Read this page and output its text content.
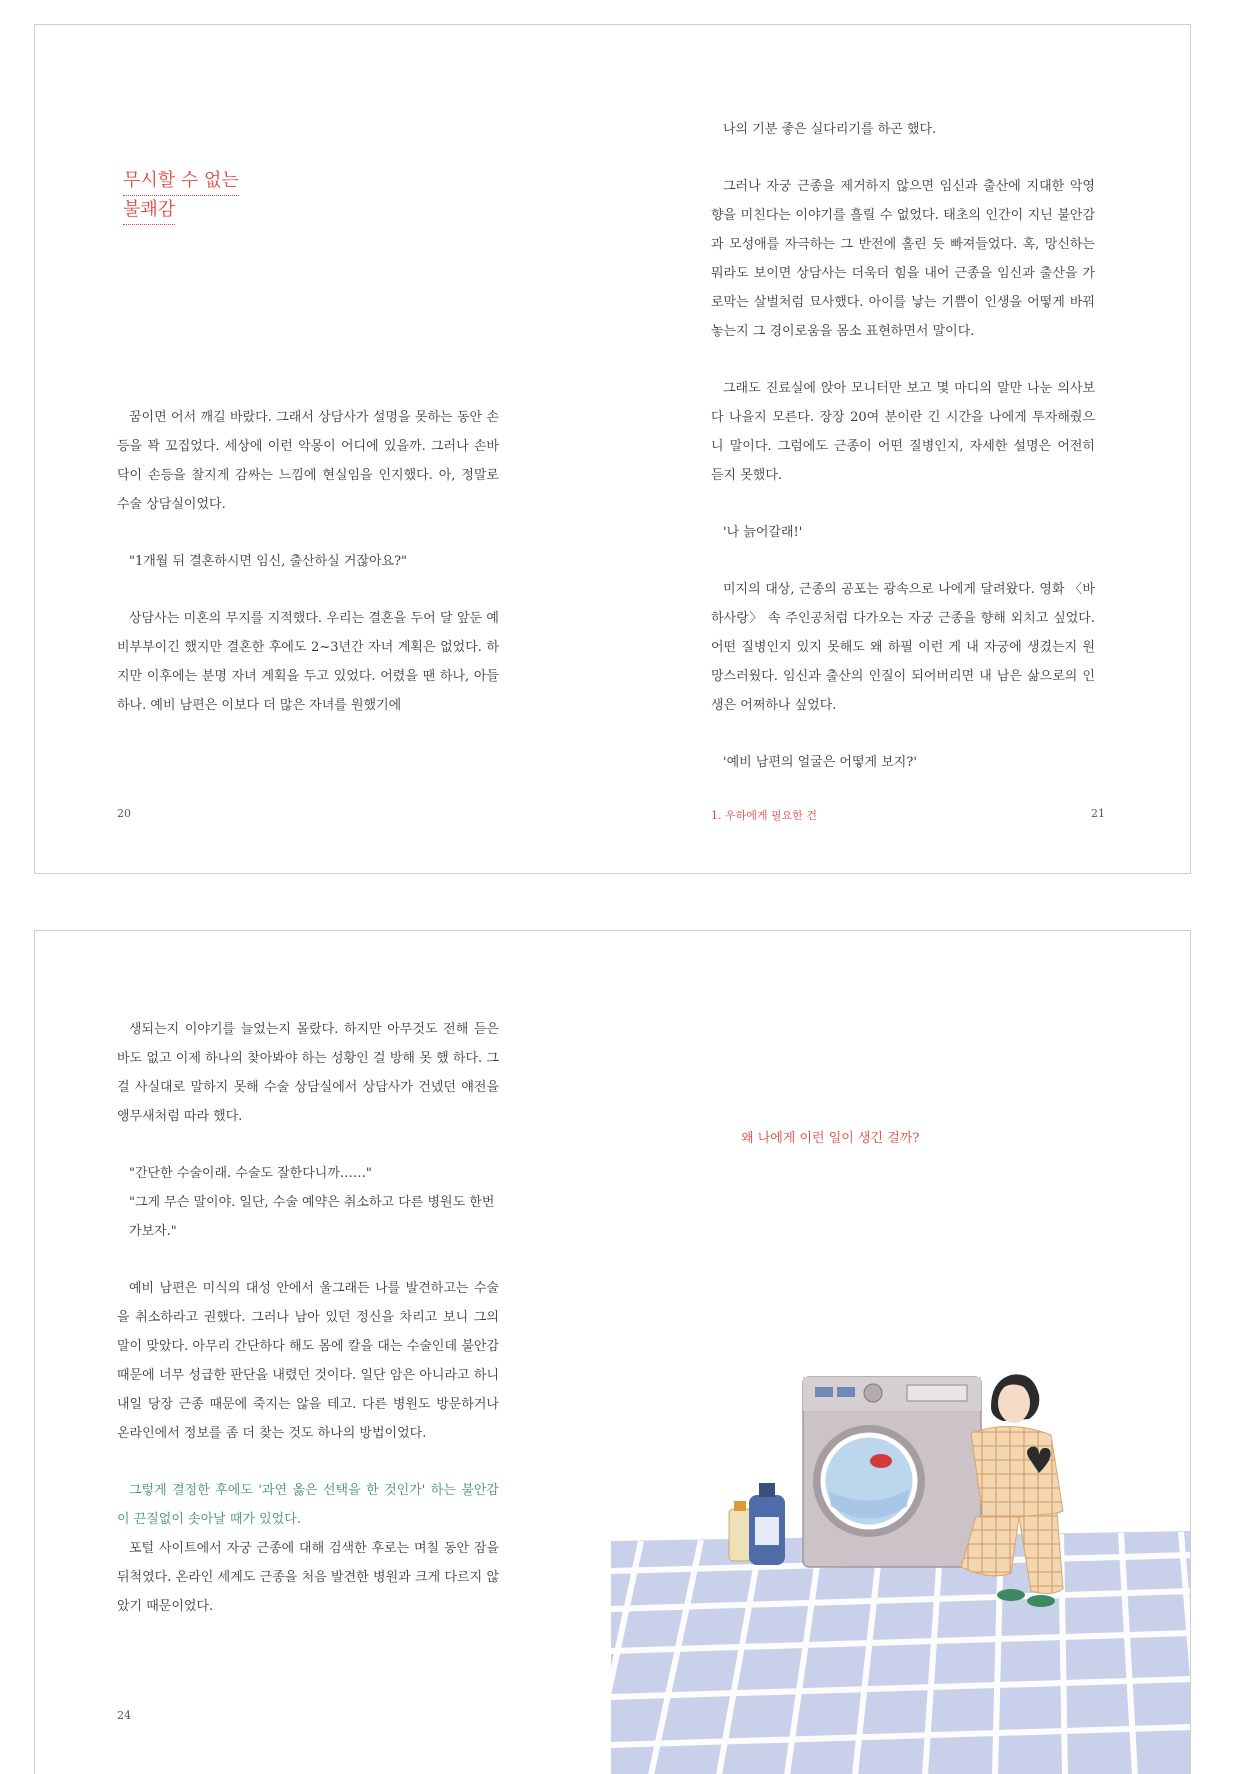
무시할 수 없는
불쾌감

꿈이면 어서 깨길 바랐다. 그래서 상담사가 설명을 못하는 동안 손등을 꽉 꼬집었다. 세상에 이런 악몽이 어디에 있을까. 그러나 손바닥이 손등을 찰지게 감싸는 느낌에 현실임을 인지했다. 아, 정말로 수술 상담실이었다.

"1개월 뒤 결혼하시면 임신, 출산하실 거잖아요?"

상담사는 미혼의 무지를 지적했다. 우리는 결혼을 두어 달 앞둔 예비부부이긴 했지만 결혼한 후에도 2~3년간 자녀 계획은 없었다. 하지만 이후에는 분명 자녀 계획을 두고 있었다. 어렸을 땐 하나, 아들 하나. 예비 남편은 이보다 더 많은 자녀를 원했기에

나의 기분 좋은 실다리기를 하곤 했다.

그러나 자궁 근종을 제거하지 않으면 임신과 출산에 지대한 악영향을 미친다는 이야기를 흘릴 수 없었다. 태초의 인간이 지닌 불안감과 모성애를 자극하는 그 반전에 홀린 듯 빠져들었다. 혹, 망신하는 뭐라도 보이면 상담사는 더욱더 힘을 내어 근종을 임신과 출산을 가로막는 살벌처럼 묘사했다. 아이를 낳는 기쁨이 인생을 어떻게 바꿔놓는지 그 경이로움을 몸소 표현하면서 말이다.

그래도 진료실에 앉아 모니터만 보고 몇 마디의 말만 나눈 의사보다 나을지 모른다. 장장 20여 분이란 긴 시간을 나에게 투자해줬으니 말이다. 그럼에도 근종이 어떤 질병인지, 자세한 설명은 어전히 듣지 못했다.

'나 늙어갈래!'

미지의 대상, 근종의 공포는 광속으로 나에게 달려왔다. 영화 〈바하사랑〉 속 주인공처럼 다가오는 자궁 근종을 향해 외치고 싶었다. 어떤 질병인지 있지 못해도 왜 하필 이런 게 내 자궁에 생겼는지 원망스러웠다. 임신과 출산의 인질이 되어버리면 내 남은 삶으로의 인생은 어쩌하나 싶었다.

'예비 남편의 얼굴은 어떻게 보지?'

20	1. 우하에게 필요한 건	21

생되는지 이야기를 늘었는지 몰랐다. 하지만 아무것도 전해 듣은 바도 없고 이제 하나의 찾아봐야 하는 성황인 걸 방해 못 했 하다. 그걸 사실대로 말하지 못해 수술 상담실에서 상담사가 건넸던 얘전을 앵무새처럼 따라 했다.

"간단한 수술이래. 수술도 잘한다니까……"

"그게 무슨 말이야. 일단, 수술 예약은 취소하고 다른 병원도 한번 가보자."

예비 남편은 미식의 대성 안에서 울그래든 나를 발견하고는 수술을 취소하라고 권했다. 그러나 남아 있던 정신을 차리고 보니 그의 말이 맞았다. 아무리 간단하다 해도 몸에 칼을 대는 수술인데 불안감 때문에 너무 성급한 판단을 내렸던 것이다. 일단 암은 아니라고 하니 내일 당장 근종 때문에 죽지는 않을 테고. 다른 병원도 방문하거나 온라인에서 정보를 좀 더 찾는 것도 하나의 방법이었다.

그렇게 결정한 후에도 '과연 옳은 선택을 한 것인가' 하는 불안감이 끈질없이 솟아날 때가 있었다.

포털 사이트에서 자궁 근종에 대해 검색한 후로는 며칠 동안 잠을 뒤척였다. 온라인 세계도 근종을 처음 발견한 병원과 크게 다르지 않았기 때문이었다.

왜 나에게 이런 일이 생긴 걸까?
24
